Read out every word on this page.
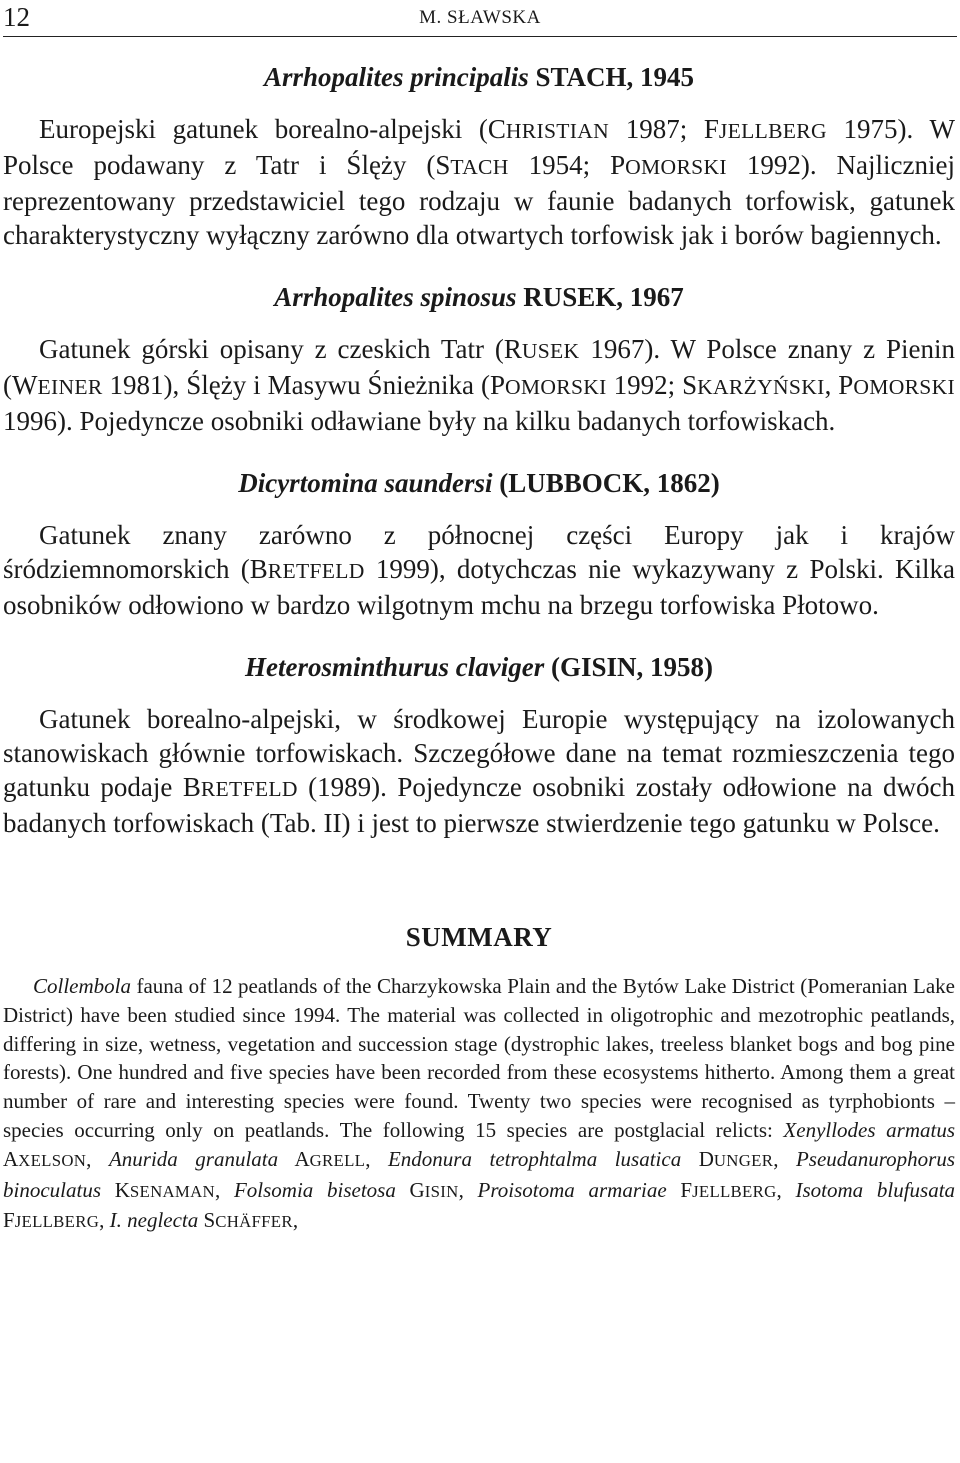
12	M. SŁAWSKA
Arrhopalites principalis STACH, 1945

Europejski gatunek borealno-alpejski (CHRISTIAN 1987; FJELLBERG 1975). W Polsce podawany z Tatr i Ślęży (STACH 1954; POMORSKI 1992). Najliczniej reprezentowany przedstawiciel tego rodzaju w faunie badanych torfowisk, gatunek charakterystyczny wyłączny zarówno dla otwartych torfowisk jak i borów bagiennych.

Arrhopalites spinosus RUSEK, 1967

Gatunek górski opisany z czeskich Tatr (RUSEK 1967). W Polsce znany z Pienin (WEINER 1981), Ślęży i Masywu Śnieżnika (POMORSKI 1992; SKARŻYŃSKI, POMORSKI 1996). Pojedyncze osobniki odławiane były na kilku badanych torfowiskach.

Dicyrtomina saundersi (LUBBOCK, 1862)

Gatunek znany zarówno z północnej części Europy jak i krajów śródziemnomorskich (BRETFELD 1999), dotychczas nie wykazywany z Polski. Kilka osobników odłowiono w bardzo wilgotnym mchu na brzegu torfowiska Płotowo.

Heterosminthurus claviger (GISIN, 1958)

Gatunek borealno-alpejski, w środkowej Europie występujący na izolowanych stanowiskach głównie torfowiskach. Szczegółowe dane na temat rozmieszczenia tego gatunku podaje BRETFELD (1989). Pojedyncze osobniki zostały odłowione na dwóch badanych torfowiskach (Tab. II) i jest to pierwsze stwierdzenie tego gatunku w Polsce.

SUMMARY

Collembola fauna of 12 peatlands of the Charzykowska Plain and the Bytów Lake District (Pomeranian Lake District) have been studied since 1994. The material was collected in oligotrophic and mezotrophic peatlands, differing in size, wetness, vegetation and succession stage (dystrophic lakes, treeless blanket bogs and bog pine forests). One hundred and five species have been recorded from these ecosystems hitherto. Among them a great number of rare and interesting species were found. Twenty two species were recognised as tyrphobionts – species occurring only on peatlands. The following 15 species are postglacial relicts: Xenyllodes armatus AXELSON, Anurida granulata AGRELL, Endonura tetrophtalma lusatica DUNGER, Pseudanurophorus binoculatus KSENAMAN, Folsomia bisetosa GISIN, Proisotoma armariae FJELLBERG, Isotoma blufusata FJELLBERG, I. neglecta SCHÄFFER,
